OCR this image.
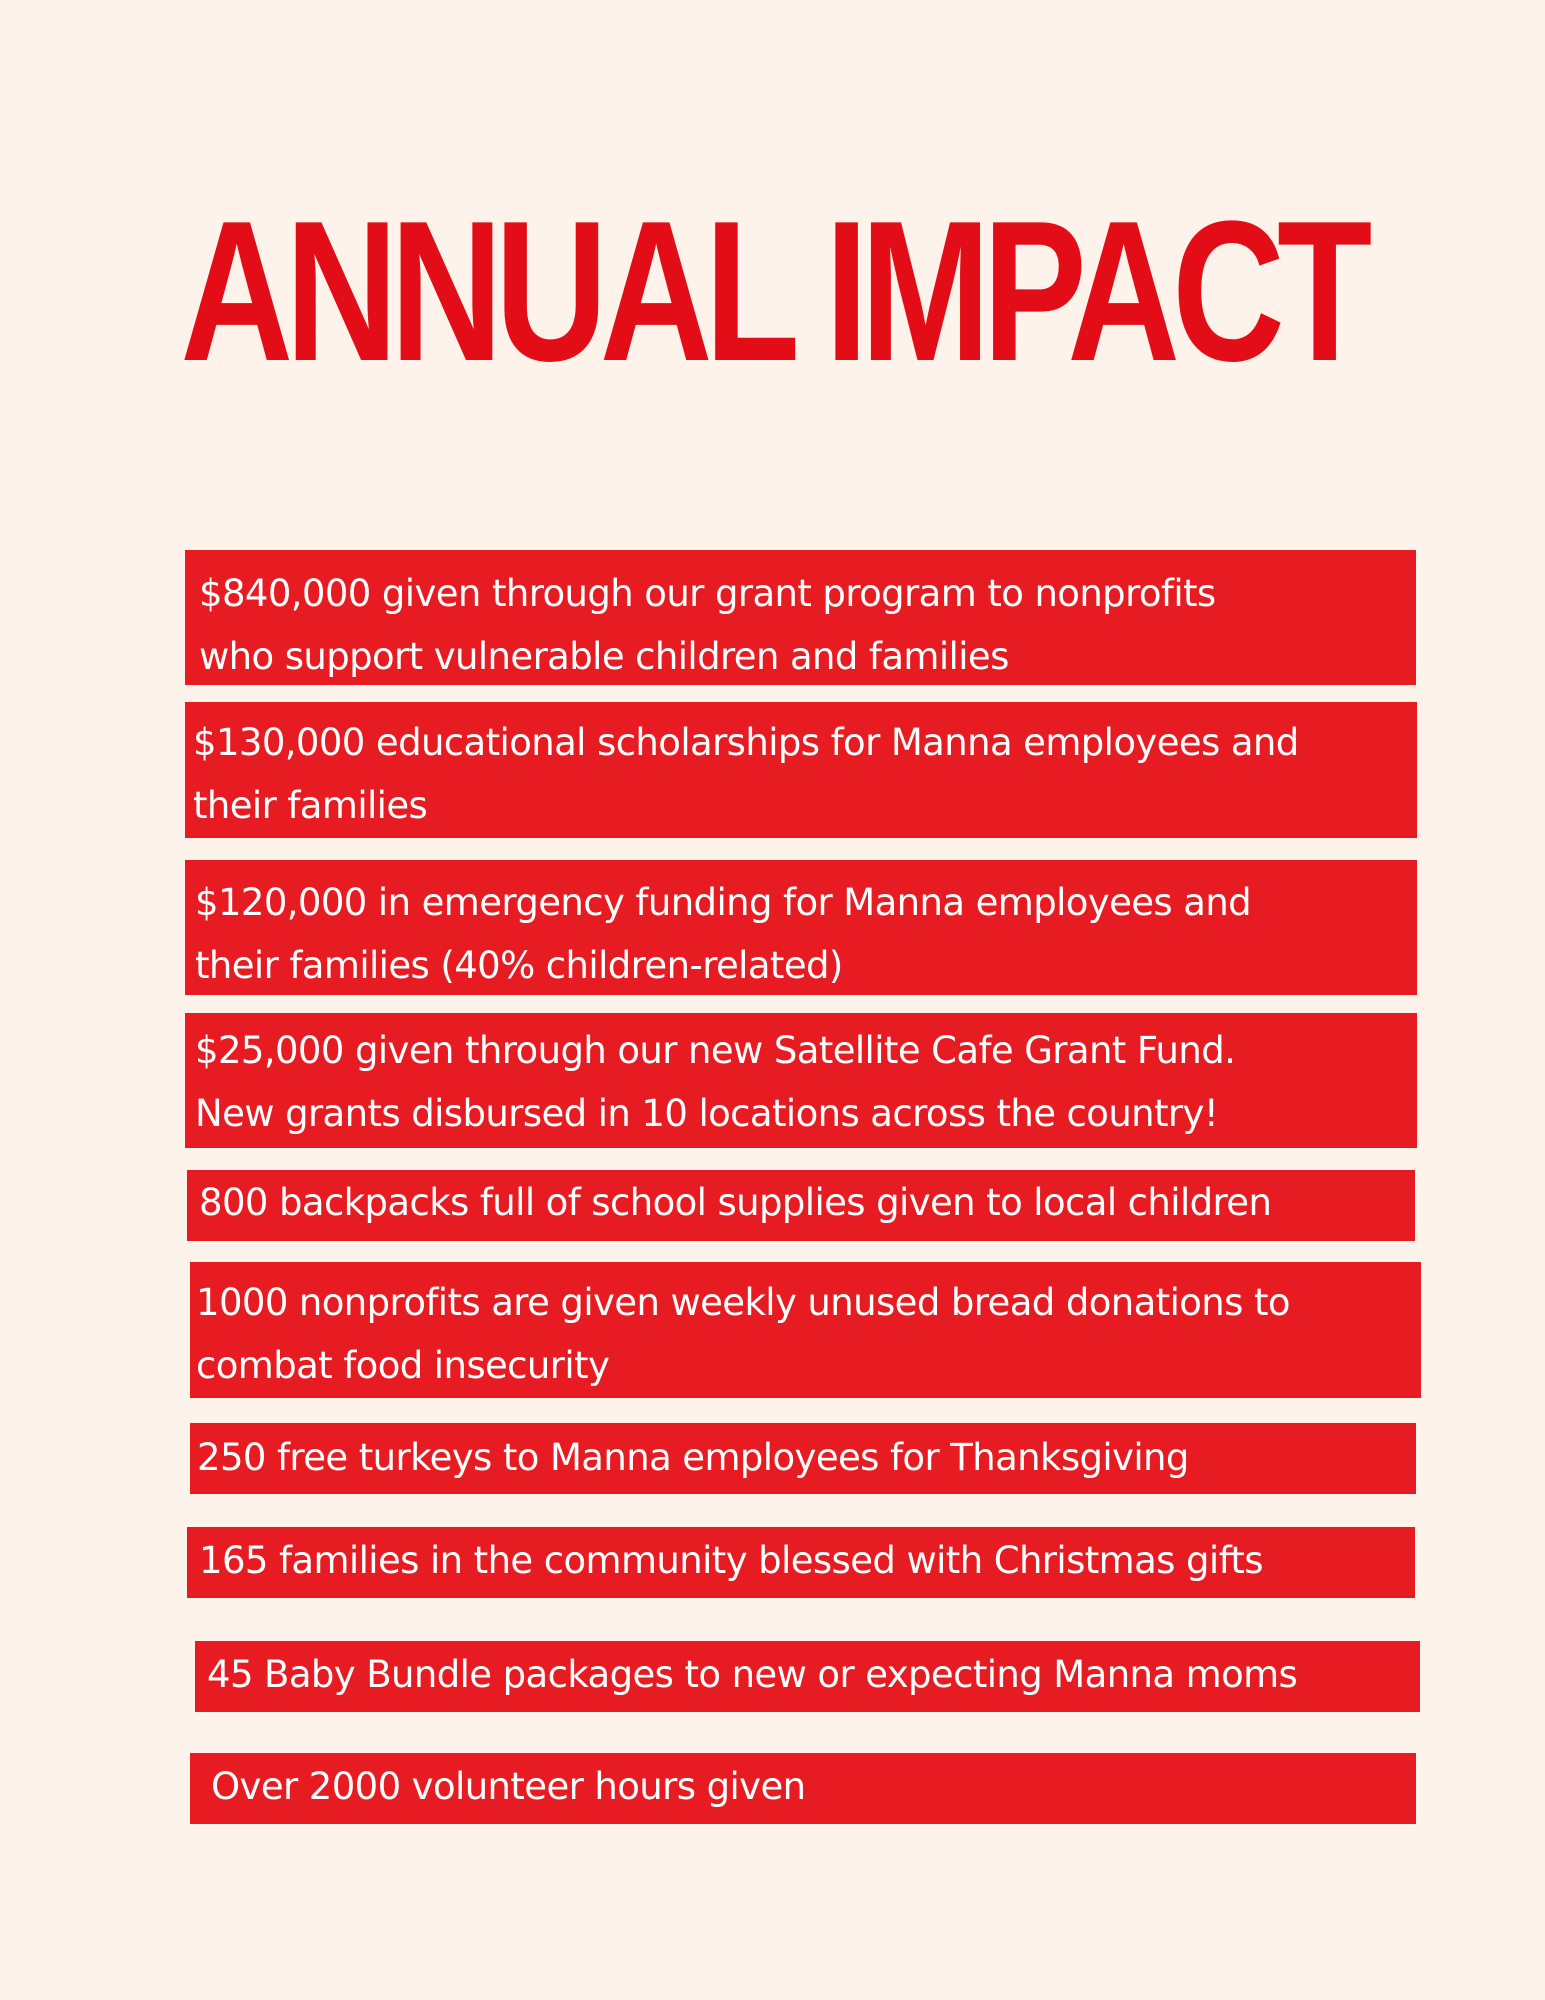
ANNUAL IMPACT
$840,000 given through our grant program to nonprofits
who support vulnerable children and families
$130,000 educational scholarships for Manna employees and
their families
$120,000 in emergency funding for Manna employees and
their families (40% children-related)
$25,000 given through our new Satellite Cafe Grant Fund.
New grants disbursed in 10 locations across the country!
800 backpacks full of school supplies given to local children
1000 nonprofits are given weekly unused bread donations to
combat food insecurity
250 free turkeys to Manna employees for Thanksgiving
165 families in the community blessed with Christmas gifts
45 Baby Bundle packages to new or expecting Manna moms
Over 2000 volunteer hours given
